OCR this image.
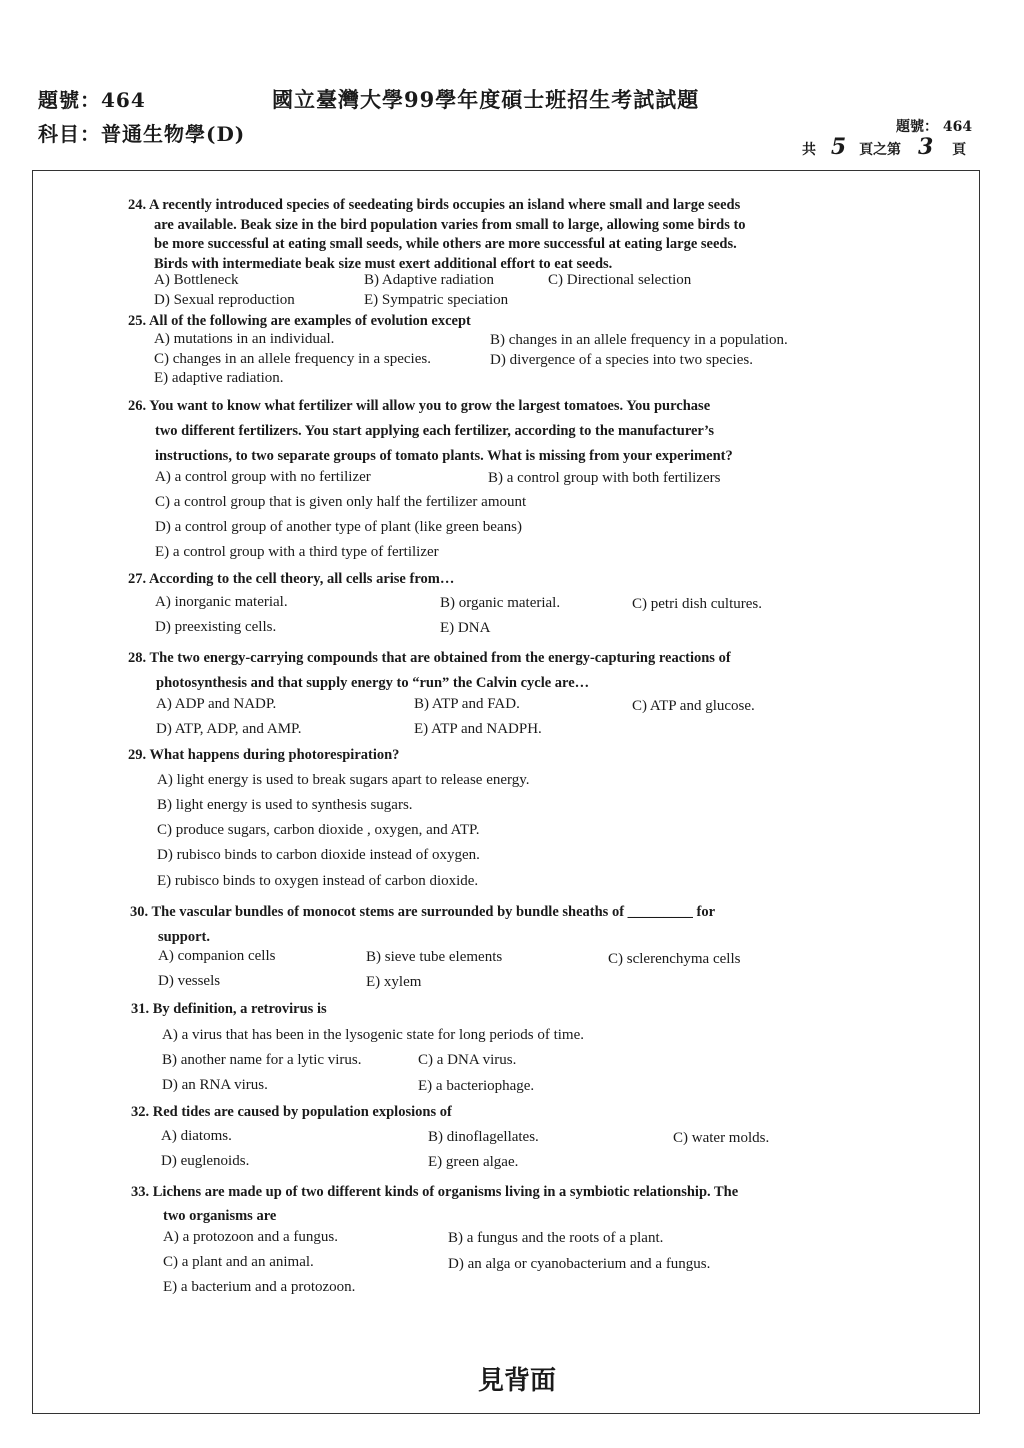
題號：464
科目：普通生物學(D)
國立臺灣大學99學年度碩士班招生考試試題
題號： 464
共 5 頁之第 3 頁
24. A recently introduced species of seedeating birds occupies an island where small and large seeds
are available. Beak size in the bird population varies from small to large, allowing some birds to
be more successful at eating small seeds, while others are more successful at eating large seeds.
Birds with intermediate beak size must exert additional effort to eat seeds.
A) Bottleneck	B) Adaptive radiation	C) Directional selection
D) Sexual reproduction	E) Sympatric speciation
25. All of the following are examples of evolution except
A) mutations in an individual.	B) changes in an allele frequency in a population.
C) changes in an allele frequency in a species.	D) divergence of a species into two species.
E) adaptive radiation.
26. You want to know what fertilizer will allow you to grow the largest tomatoes. You purchase
two different fertilizers. You start applying each fertilizer, according to the manufacturer’s
instructions, to two separate groups of tomato plants. What is missing from your experiment?
A) a control group with no fertilizer	B) a control group with both fertilizers
C) a control group that is given only half the fertilizer amount
D) a control group of another type of plant (like green beans)
E) a control group with a third type of fertilizer
27. According to the cell theory, all cells arise from…
A) inorganic material.	B) organic material.	C) petri dish cultures.
D) preexisting cells.	E) DNA
28. The two energy-carrying compounds that are obtained from the energy-capturing reactions of
photosynthesis and that supply energy to “run” the Calvin cycle are…
A) ADP and NADP.	B) ATP and FAD.	C) ATP and glucose.
D) ATP, ADP, and AMP.	E) ATP and NADPH.
29. What happens during photorespiration?
A) light energy is used to break sugars apart to release energy.
B) light energy is used to synthesis sugars.
C) produce sugars, carbon dioxide , oxygen, and ATP.
D) rubisco binds to carbon dioxide instead of oxygen.
E) rubisco binds to oxygen instead of carbon dioxide.
30. The vascular bundles of monocot stems are surrounded by bundle sheaths of _________ for
support.
A) companion cells	B) sieve tube elements	C) sclerenchyma cells
D) vessels	E) xylem
31. By definition, a retrovirus is
A) a virus that has been in the lysogenic state for long periods of time.
B) another name for a lytic virus.	C) a DNA virus.
D) an RNA virus.	E) a bacteriophage.
32. Red tides are caused by population explosions of
A) diatoms.	B) dinoflagellates.	C) water molds.
D) euglenoids.	E) green algae.
33. Lichens are made up of two different kinds of organisms living in a symbiotic relationship. The
two organisms are
A) a protozoon and a fungus.	B) a fungus and the roots of a plant.
C) a plant and an animal.	D) an alga or cyanobacterium and a fungus.
E) a bacterium and a protozoon.
見背面
